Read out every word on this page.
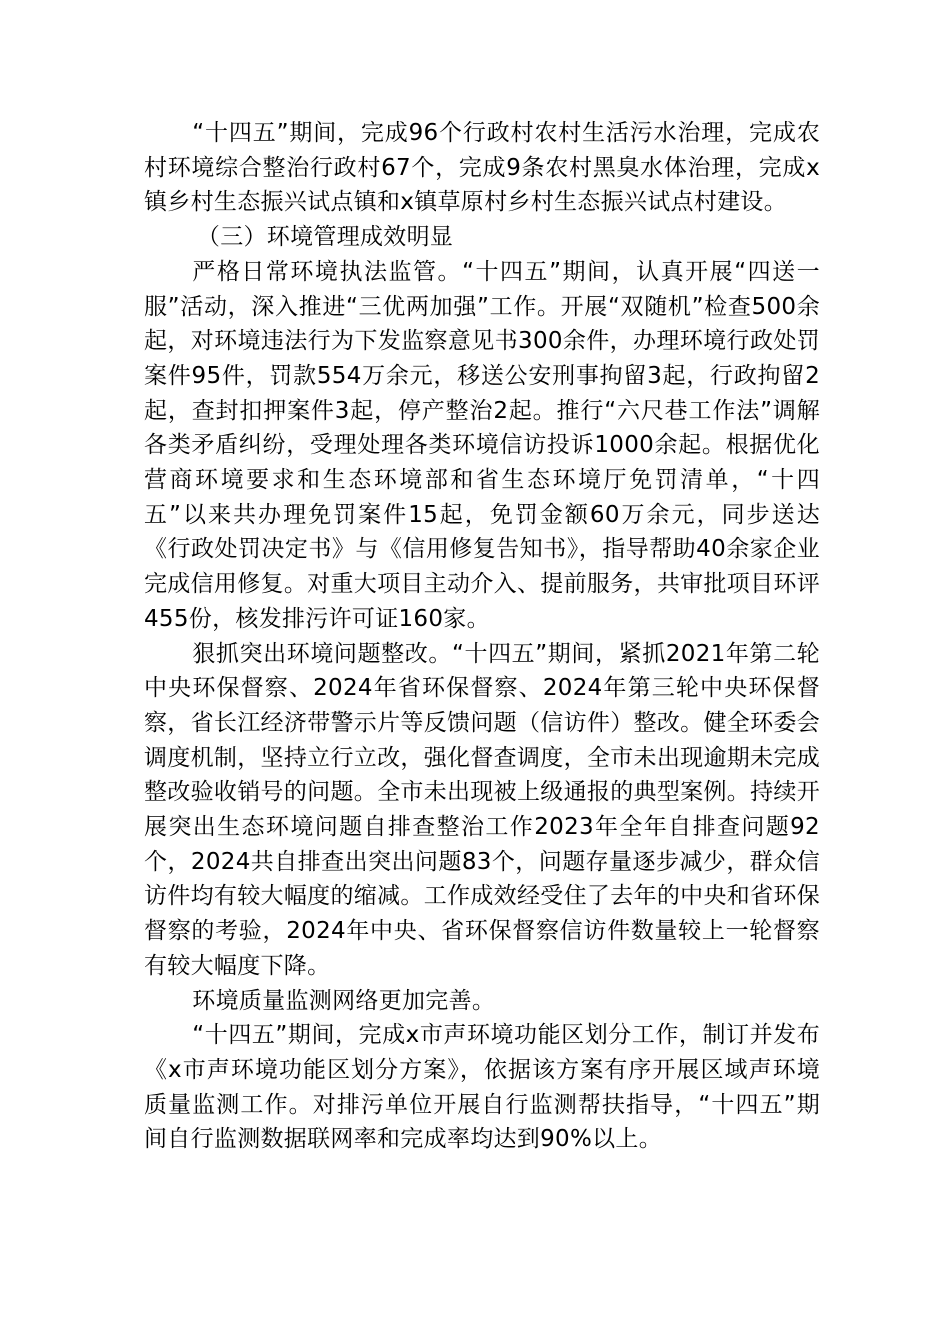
“十四五”期间，完成96个行政村农村生活污水治理，完成农村环境综合整治行政村67个，完成9条农村黑臭水体治理，完成x镇乡村生态振兴试点镇和x镇草原村乡村生态振兴试点村建设。

（三）环境管理成效明显

严格日常环境执法监管。“十四五”期间，认真开展“四送一服”活动，深入推进“三优两加强”工作。开展“双随机”检查500余起，对环境违法行为下发监察意见书300余件，办理环境行政处罚案件95件，罚款554万余元，移送公安刑事拘留3起，行政拘留2起，查封扣押案件3起，停产整治2起。推行“六尺巷工作法”调解各类矛盾纠纷，受理处理各类环境信访投诉1000余起。根据优化营商环境要求和生态环境部和省生态环境厅免罚清单，“十四五”以来共办理免罚案件15起，免罚金额60万余元，同步送达《行政处罚决定书》与《信用修复告知书》，指导帮助40余家企业完成信用修复。对重大项目主动介入、提前服务，共审批项目环评455份，核发排污许可证160家。

狠抓突出环境问题整改。“十四五”期间，紧抓2021年第二轮中央环保督察、2024年省环保督察、2024年第三轮中央环保督察，省长江经济带警示片等反馈问题（信访件）整改。健全环委会调度机制，坚持立行立改，强化督查调度，全市未出现逾期未完成整改验收销号的问题。全市未出现被上级通报的典型案例。持续开展突出生态环境问题自排查整治工作2023年全年自排查问题92个，2024共自排查出突出问题83个，问题存量逐步减少，群众信访件均有较大幅度的缩减。工作成效经受住了去年的中央和省环保督察的考验，2024年中央、省环保督察信访件数量较上一轮督察有较大幅度下降。

环境质量监测网络更加完善。

“十四五”期间，完成x市声环境功能区划分工作，制订并发布《x市声环境功能区划分方案》，依据该方案有序开展区域声环境质量监测工作。对排污单位开展自行监测帮扶指导，“十四五”期间自行监测数据联网率和完成率均达到90%以上。
